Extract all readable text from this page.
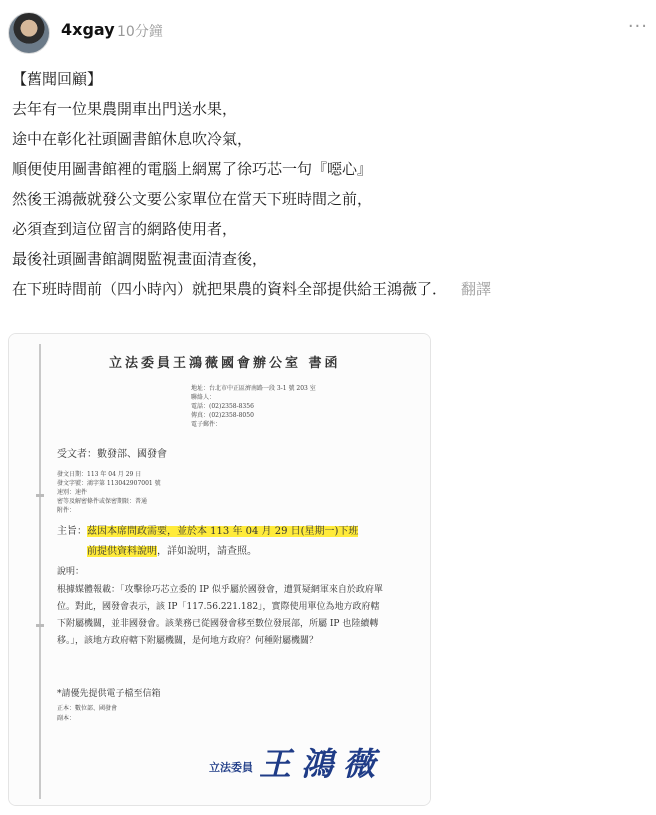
4xgay 10分鐘	···
【舊聞回顧】
去年有一位果農開車出門送水果，
途中在彰化社頭圖書館休息吹冷氣，
順便使用圖書館裡的電腦上網罵了徐巧芯一句『噁心』
然後王鴻薇就發公文要公家單位在當天下班時間之前，
必須查到這位留言的網路使用者，
最後社頭圖書館調閱監視畫面清查後，
在下班時間前（四小時內）就把果農的資料全部提供給王鴻薇了． 翻譯
立法委員王鴻薇國會辦公室 書函
地址：台北市中正區濟南路一段 3-1 號 203 室
聯絡人：
電話：(02)2358-8356
傳真：(02)2358-8050
電子郵件：
受文者：數發部、國發會
發文日期：113 年 04 月 29 日
發文字號：鴻字第 113042907001 號
速別：速件
密等及解密條件或保密期限：普通
附件：
主旨：茲因本席問政需要，並於本 113 年 04 月 29 日(星期一)下班
前提供資料說明，詳如說明，請查照。
說明：
根據媒體報載：「攻擊徐巧芯立委的 IP 似乎屬於國發會，遭質疑網軍來自於政府單位。對此，國發會表示，該 IP「117.56.221.182」，實際使用單位為地方政府轄下附屬機關，並非國發會。該業務已從國發會移至數位發展部，所屬 IP 也陸續轉移。」，該地方政府轄下附屬機關，是何地方政府？何種附屬機關？
*請優先提供電子檔至信箱
正本：數位部、國發會
副本：
立法委員 王鴻薇
